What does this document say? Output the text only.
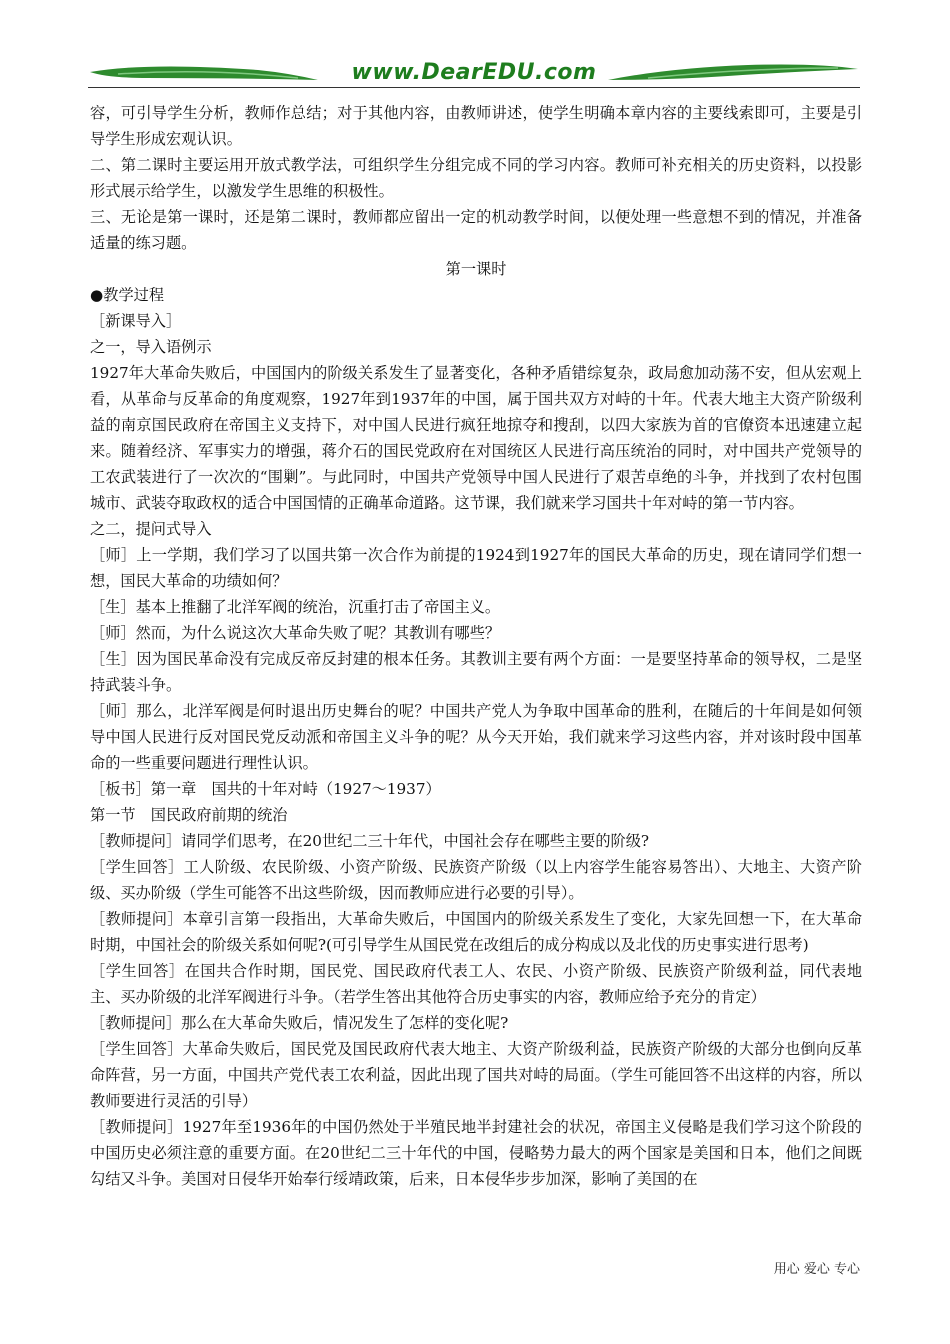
www.DearEDU.com

容，可引导学生分析，教师作总结；对于其他内容，由教师讲述，使学生明确本章内容的主要线索即可，主要是引导学生形成宏观认识。

二、第二课时主要运用开放式教学法，可组织学生分组完成不同的学习内容。教师可补充相关的历史资料，以投影形式展示给学生，以激发学生思维的积极性。

三、无论是第一课时，还是第二课时，教师都应留出一定的机动教学时间，以便处理一些意想不到的情况，并准备适量的练习题。

第一课时

●教学过程

［新课导入］

之一，导入语例示

1927年大革命失败后，中国国内的阶级关系发生了显著变化，各种矛盾错综复杂，政局愈加动荡不安，但从宏观上看，从革命与反革命的角度观察，1927年到1937年的中国，属于国共双方对峙的十年。代表大地主大资产阶级利益的南京国民政府在帝国主义支持下，对中国人民进行疯狂地掠夺和搜刮，以四大家族为首的官僚资本迅速建立起来。随着经济、军事实力的增强，蒋介石的国民党政府在对国统区人民进行高压统治的同时，对中国共产党领导的工农武装进行了一次次的“围剿”。与此同时，中国共产党领导中国人民进行了艰苦卓绝的斗争，并找到了农村包围城市、武装夺取政权的适合中国国情的正确革命道路。这节课，我们就来学习国共十年对峙的第一节内容。

之二，提问式导入

［师］上一学期，我们学习了以国共第一次合作为前提的1924到1927年的国民大革命的历史，现在请同学们想一想，国民大革命的功绩如何？

［生］基本上推翻了北洋军阀的统治，沉重打击了帝国主义。

［师］然而，为什么说这次大革命失败了呢？其教训有哪些？

［生］因为国民革命没有完成反帝反封建的根本任务。其教训主要有两个方面：一是要坚持革命的领导权，二是坚持武装斗争。

［师］那么，北洋军阀是何时退出历史舞台的呢？中国共产党人为争取中国革命的胜利，在随后的十年间是如何领导中国人民进行反对国民党反动派和帝国主义斗争的呢？从今天开始，我们就来学习这些内容，并对该时段中国革命的一些重要问题进行理性认识。

［板书］第一章　国共的十年对峙（1927～1937）

第一节　国民政府前期的统治

［教师提问］请同学们思考，在20世纪二三十年代，中国社会存在哪些主要的阶级?

［学生回答］工人阶级、农民阶级、小资产阶级、民族资产阶级（以上内容学生能容易答出）、大地主、大资产阶级、买办阶级（学生可能答不出这些阶级，因而教师应进行必要的引导）。

［教师提问］本章引言第一段指出，大革命失败后，中国国内的阶级关系发生了变化，大家先回想一下，在大革命时期，中国社会的阶级关系如何呢?(可引导学生从国民党在改组后的成分构成以及北伐的历史事实进行思考)

［学生回答］在国共合作时期，国民党、国民政府代表工人、农民、小资产阶级、民族资产阶级利益，同代表地主、买办阶级的北洋军阀进行斗争。（若学生答出其他符合历史事实的内容，教师应给予充分的肯定）

［教师提问］那么在大革命失败后，情况发生了怎样的变化呢?

［学生回答］大革命失败后，国民党及国民政府代表大地主、大资产阶级利益，民族资产阶级的大部分也倒向反革命阵营，另一方面，中国共产党代表工农利益，因此出现了国共对峙的局面。（学生可能回答不出这样的内容，所以教师要进行灵活的引导）

［教师提问］1927年至1936年的中国仍然处于半殖民地半封建社会的状况，帝国主义侵略是我们学习这个阶段的中国历史必须注意的重要方面。在20世纪二三十年代的中国，侵略势力最大的两个国家是美国和日本，他们之间既勾结又斗争。美国对日侵华开始奉行绥靖政策，后来，日本侵华步步加深，影响了美国的在

用心 爱心 专心
